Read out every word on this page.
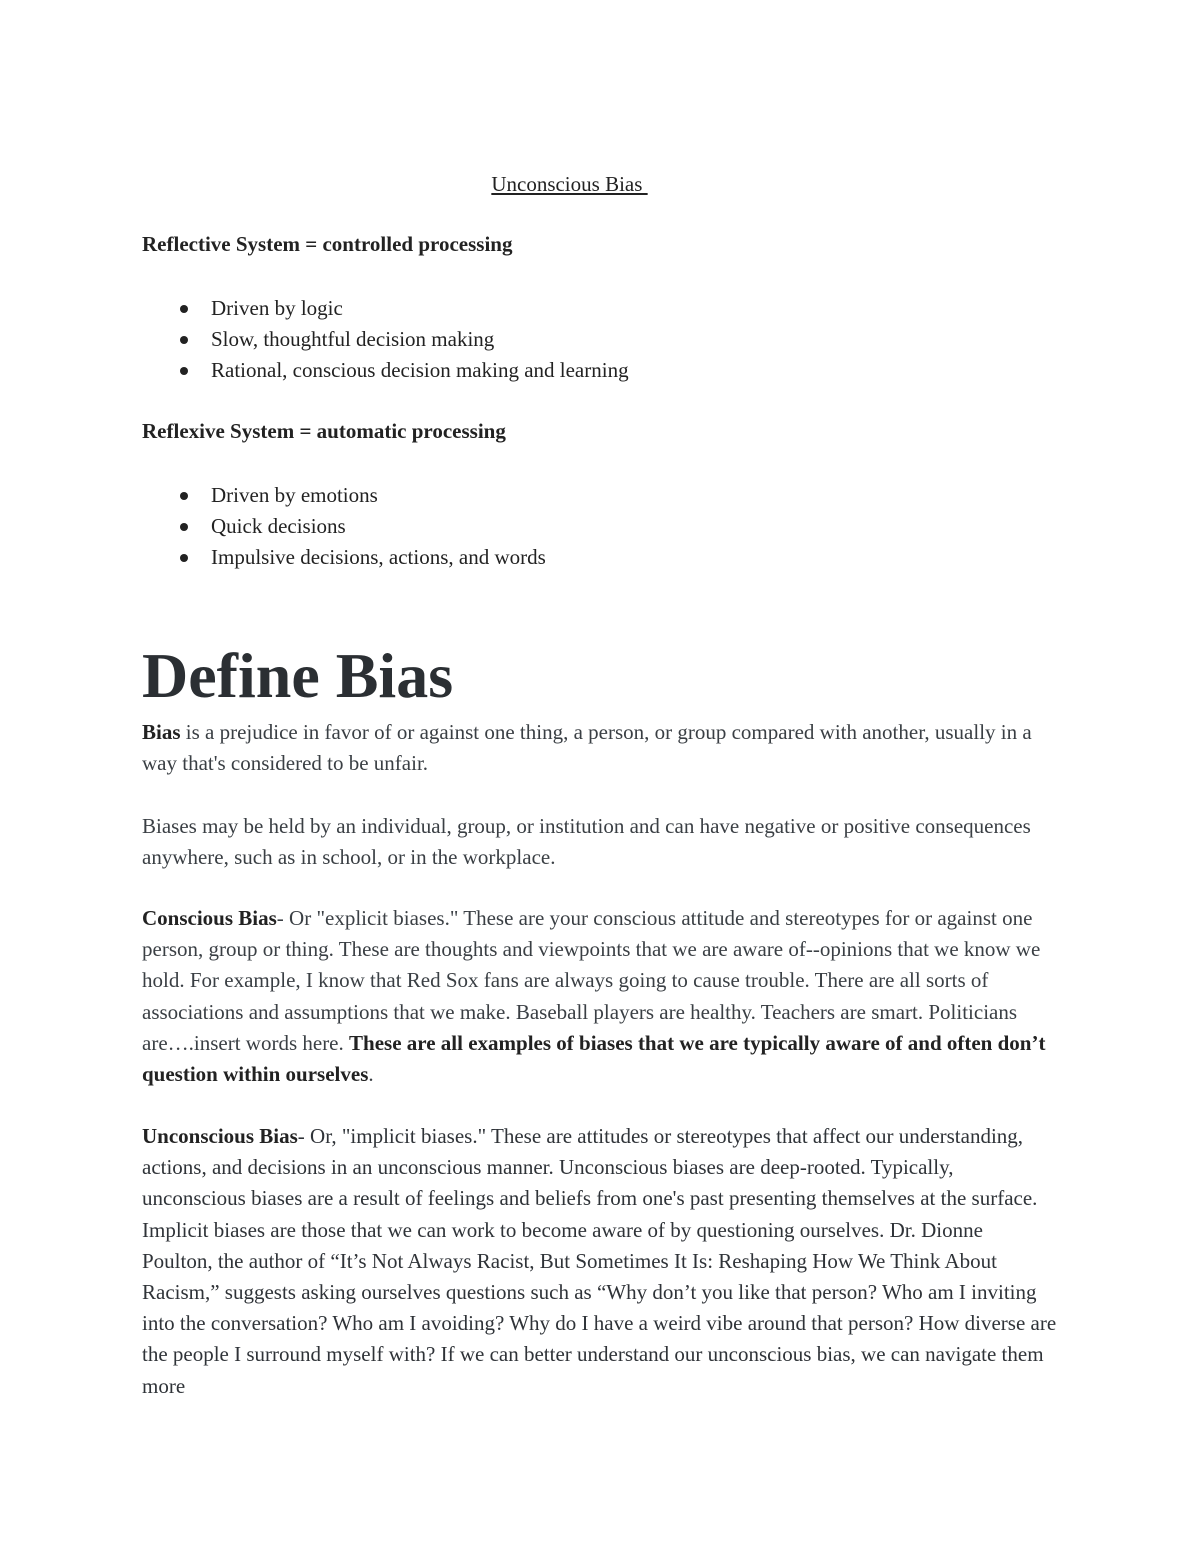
Unconscious Bias
Reflective System = controlled processing
Driven by logic
Slow, thoughtful decision making
Rational, conscious decision making and learning
Reflexive System = automatic processing
Driven by emotions
Quick decisions
Impulsive decisions, actions, and words
Define Bias
Bias is a prejudice in favor of or against one thing, a person, or group compared with another, usually in a way that's considered to be unfair.
Biases may be held by an individual, group, or institution and can have negative or positive consequences anywhere, such as in school, or in the workplace.
Conscious Bias- Or "explicit biases." These are your conscious attitude and stereotypes for or against one person, group or thing. These are thoughts and viewpoints that we are aware of--opinions that we know we hold. For example, I know that Red Sox fans are always going to cause trouble. There are all sorts of associations and assumptions that we make. Baseball players are healthy. Teachers are smart. Politicians are….insert words here. These are all examples of biases that we are typically aware of and often don’t question within ourselves.
Unconscious Bias- Or, "implicit biases." These are attitudes or stereotypes that affect our understanding, actions, and decisions in an unconscious manner. Unconscious biases are deep-rooted. Typically, unconscious biases are a result of feelings and beliefs from one's past presenting themselves at the surface. Implicit biases are those that we can work to become aware of by questioning ourselves. Dr. Dionne Poulton, the author of “It’s Not Always Racist, But Sometimes It Is: Reshaping How We Think About Racism,” suggests asking ourselves questions such as “Why don’t you like that person? Who am I inviting into the conversation? Who am I avoiding? Why do I have a weird vibe around that person? How diverse are the people I surround myself with? If we can better understand our unconscious bias, we can navigate them more
